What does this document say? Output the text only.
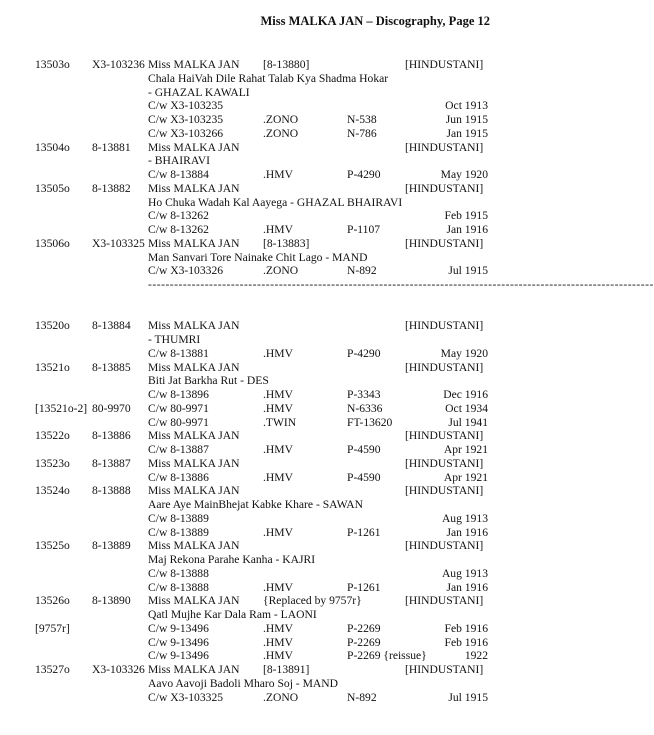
Miss MALKA JAN – Discography, Page 12
13503o X3-103236 Miss MALKA JAN [8-13880]	[HINDUSTANI]
Chala HaiVah Dile Rahat Talab Kya Shadma Hokar
- GHAZAL KAWALI
C/w X3-103235	Oct 1913
C/w X3-103235	.ZONO	N-538	Jun 1915
C/w X3-103266	.ZONO	N-786	Jan 1915
13504o 8-13881 Miss MALKA JAN	[HINDUSTANI]
- BHAIRAVI
C/w 8-13884	.HMV	P-4290	May 1920
13505o 8-13882 Miss MALKA JAN	[HINDUSTANI]
Ho Chuka Wadah Kal Aayega - GHAZAL BHAIRAVI
C/w 8-13262	Feb 1915
C/w 8-13262	.HMV	P-1107	Jan 1916
13506o X3-103325 Miss MALKA JAN [8-13883]	[HINDUSTANI]
Man Sanvari Tore Nainake Chit Lago - MAND
C/w X3-103326	.ZONO	N-892	Jul 1915
--------------------------------------------------------------------------------------------------------------------
13520o 8-13884 Miss MALKA JAN	[HINDUSTANI]
- THUMRI
C/w 8-13881	.HMV	P-4290	May 1920
13521o 8-13885 Miss MALKA JAN	[HINDUSTANI]
Biti Jat Barkha Rut - DES
C/w 8-13896	.HMV	P-3343	Dec 1916
[13521o-2] 80-9970 C/w 80-9971	.HMV	N-6336	Oct 1934
C/w 80-9971	.TWIN	FT-13620	Jul 1941
13522o 8-13886 Miss MALKA JAN	[HINDUSTANI]
C/w 8-13887	.HMV	P-4590	Apr 1921
13523o 8-13887 Miss MALKA JAN	[HINDUSTANI]
C/w 8-13886	.HMV	P-4590	Apr 1921
13524o 8-13888 Miss MALKA JAN	[HINDUSTANI]
Aare Aye MainBhejat Kabke Khare - SAWAN
C/w 8-13889	Aug 1913
C/w 8-13889	.HMV	P-1261	Jan 1916
13525o 8-13889 Miss MALKA JAN	[HINDUSTANI]
Maj Rekona Parahe Kanha - KAJRI
C/w 8-13888	Aug 1913
C/w 8-13888	.HMV	P-1261	Jan 1916
13526o 8-13890 Miss MALKA JAN {Replaced by 9757r}	[HINDUSTANI]
Qatl Mujhe Kar Dala Ram - LAONI
[9757r]	C/w 9-13496	.HMV	P-2269	Feb 1916
C/w 9-13496	.HMV	P-2269	Feb 1916
C/w 9-13496	.HMV	P-2269 {reissue}	1922
13527o X3-103326 Miss MALKA JAN [8-13891]	[HINDUSTANI]
Aavo Aavoji Badoli Mharo Soj - MAND
C/w X3-103325	.ZONO	N-892	Jul 1915
